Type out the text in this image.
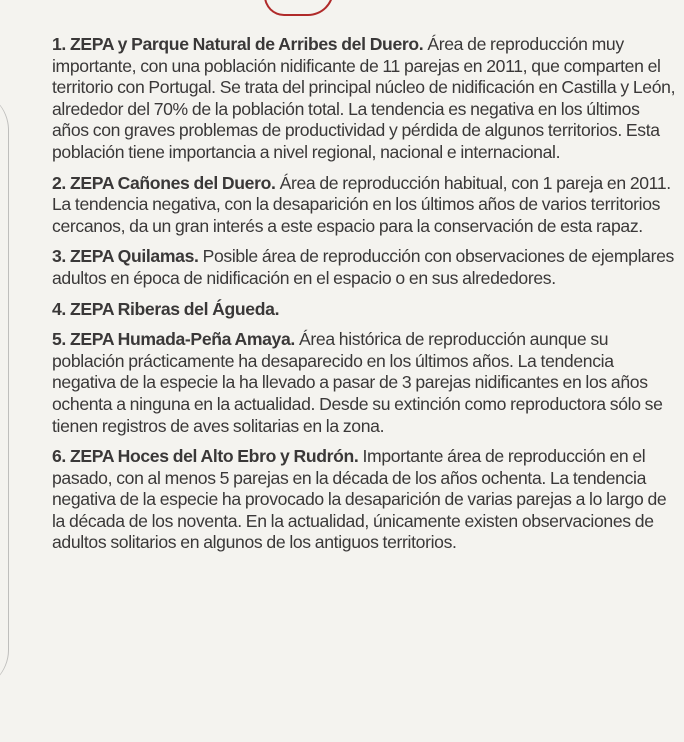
1. ZEPA y Parque Natural de Arribes del Duero. Área de reproducción muy importante, con una población nidificante de 11 parejas en 2011, que comparten el territorio con Portugal. Se trata del principal núcleo de nidificación en Castilla y León, alrededor del 70% de la población total. La tendencia es negativa en los últimos años con graves problemas de productividad y pérdida de algunos territorios. Esta población tiene importancia a nivel regional, nacional e internacional.

2. ZEPA Cañones del Duero. Área de reproducción habitual, con 1 pareja en 2011. La tendencia negativa, con la desaparición en los últimos años de varios territorios cercanos, da un gran interés a este espacio para la conservación de esta rapaz.

3. ZEPA Quilamas. Posible área de reproducción con observaciones de ejemplares adultos en época de nidificación en el espacio o en sus alrededores.

4. ZEPA Riberas del Águeda.

5. ZEPA Humada-Peña Amaya. Área histórica de reproducción aunque su población prácticamente ha desaparecido en los últimos años. La tendencia negativa de la especie la ha llevado a pasar de 3 parejas nidificantes en los años ochenta a ninguna en la actualidad. Desde su extinción como reproductora sólo se tienen registros de aves solitarias en la zona.

6. ZEPA Hoces del Alto Ebro y Rudrón. Importante área de reproducción en el pasado, con al menos 5 parejas en la década de los años ochenta. La tendencia negativa de la especie ha provocado la desaparición de varias parejas a lo largo de la década de los noventa. En la actualidad, únicamente existen observaciones de adultos solitarios en algunos de los antiguos territorios.
